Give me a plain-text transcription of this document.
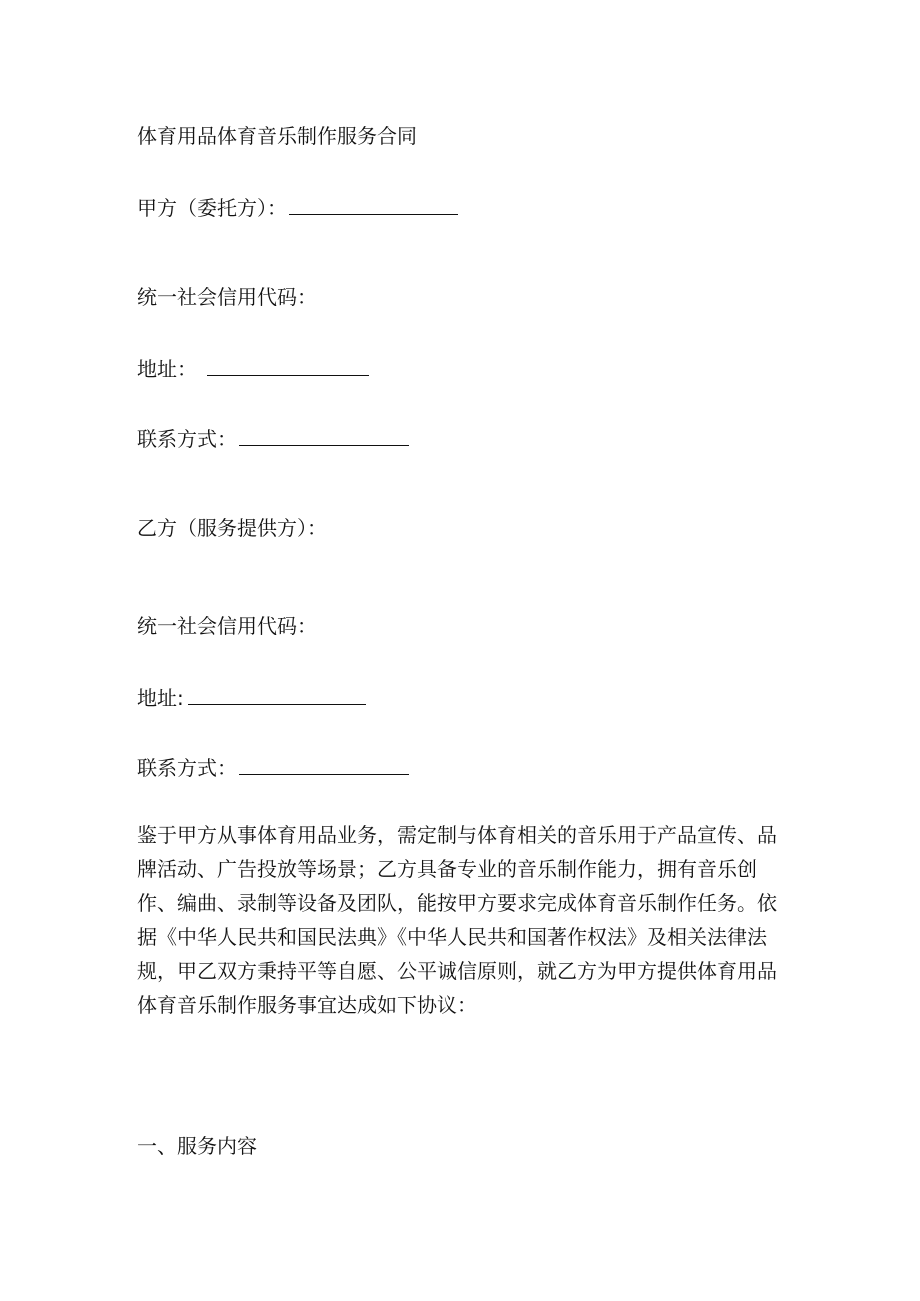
体育用品体育音乐制作服务合同
甲方（委托方）：
统一社会信用代码：
地址：
联系方式：
乙方（服务提供方）：
统一社会信用代码：
地址:
联系方式：
鉴于甲方从事体育用品业务，需定制与体育相关的音乐用于产品宣传、品
牌活动、广告投放等场景；乙方具备专业的音乐制作能力，拥有音乐创
作、编曲、录制等设备及团队，能按甲方要求完成体育音乐制作任务。依
据《中华人民共和国民法典》《中华人民共和国著作权法》及相关法律法
规，甲乙双方秉持平等自愿、公平诚信原则，就乙方为甲方提供体育用品
体育音乐制作服务事宜达成如下协议：
一、服务内容
